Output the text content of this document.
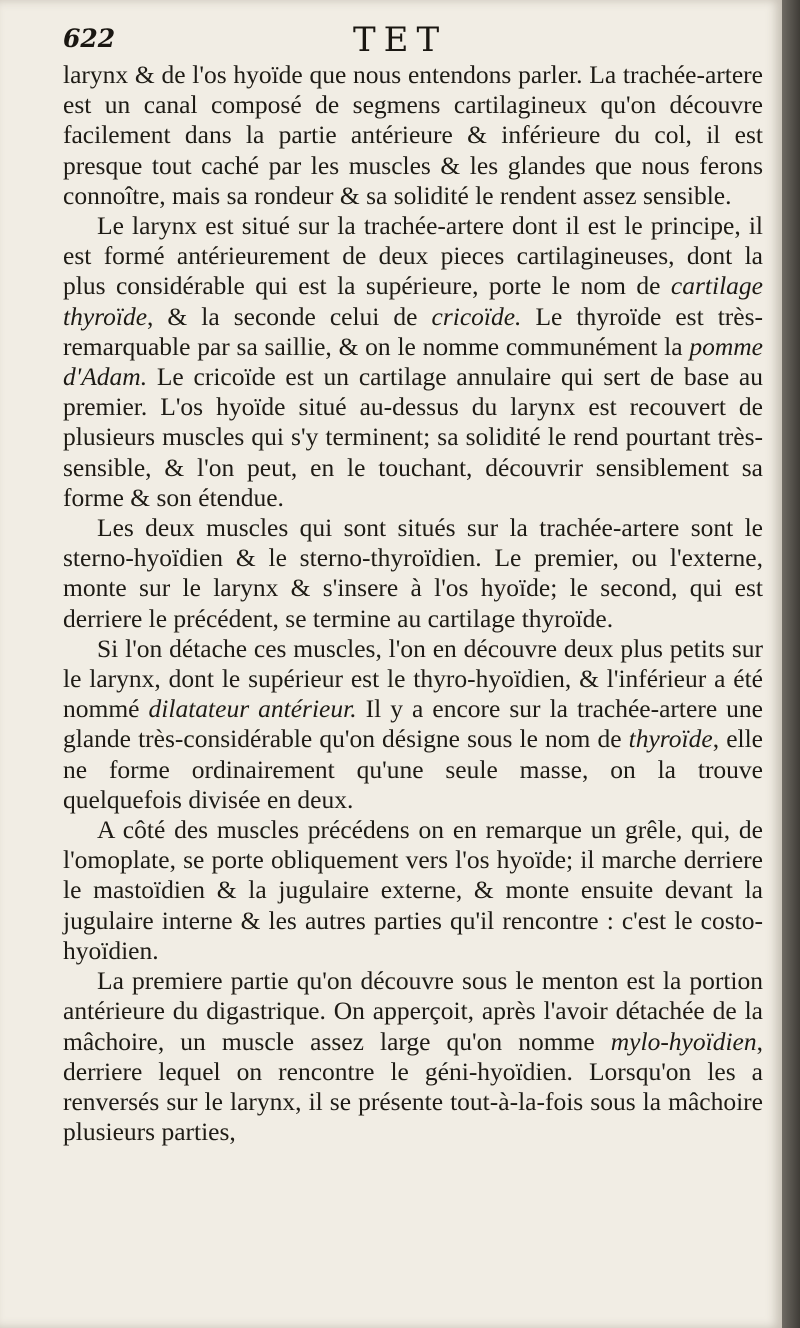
622	TET

larynx & de l'os hyoïde que nous entendons parler. La trachée-artere est un canal composé de segmens cartilagineux qu'on découvre facilement dans la partie antérieure & inférieure du col, il est presque tout caché par les muscles & les glandes que nous ferons connoître, mais sa rondeur & sa solidité le rendent assez sensible.

Le larynx est situé sur la trachée-artere dont il est le principe, il est formé antérieurement de deux pieces cartilagineuses, dont la plus considérable qui est la supérieure, porte le nom de cartilage thyroïde, & la seconde celui de cricoïde. Le thyroïde est très-remarquable par sa saillie, & on le nomme communément la pomme d'Adam. Le cricoïde est un cartilage annulaire qui sert de base au premier. L'os hyoïde situé au-dessus du larynx est recouvert de plusieurs muscles qui s'y terminent; sa solidité le rend pourtant très-sensible, & l'on peut, en le touchant, découvrir sensiblement sa forme & son étendue.

Les deux muscles qui sont situés sur la trachée-artere sont le sterno-hyoïdien & le sterno-thyroïdien. Le premier, ou l'externe, monte sur le larynx & s'insere à l'os hyoïde; le second, qui est derriere le précédent, se termine au cartilage thyroïde.

Si l'on détache ces muscles, l'on en découvre deux plus petits sur le larynx, dont le supérieur est le thyro-hyoïdien, & l'inférieur a été nommé dilatateur antérieur. Il y a encore sur la trachée-artere une glande très-considérable qu'on désigne sous le nom de thyroïde, elle ne forme ordinairement qu'une seule masse, on la trouve quelquefois divisée en deux.

A côté des muscles précédens on en remarque un grêle, qui, de l'omoplate, se porte obliquement vers l'os hyoïde; il marche derriere le mastoïdien & la jugulaire externe, & monte ensuite devant la jugulaire interne & les autres parties qu'il rencontre : c'est le costo-hyoïdien.

La premiere partie qu'on découvre sous le menton est la portion antérieure du digastrique. On apperçoit, après l'avoir détachée de la mâchoire, un muscle assez large qu'on nomme mylo-hyoïdien, derriere lequel on rencontre le géni-hyoïdien. Lorsqu'on les a renversés sur le larynx, il se présente tout-à-la-fois sous la mâchoire plusieurs parties,
